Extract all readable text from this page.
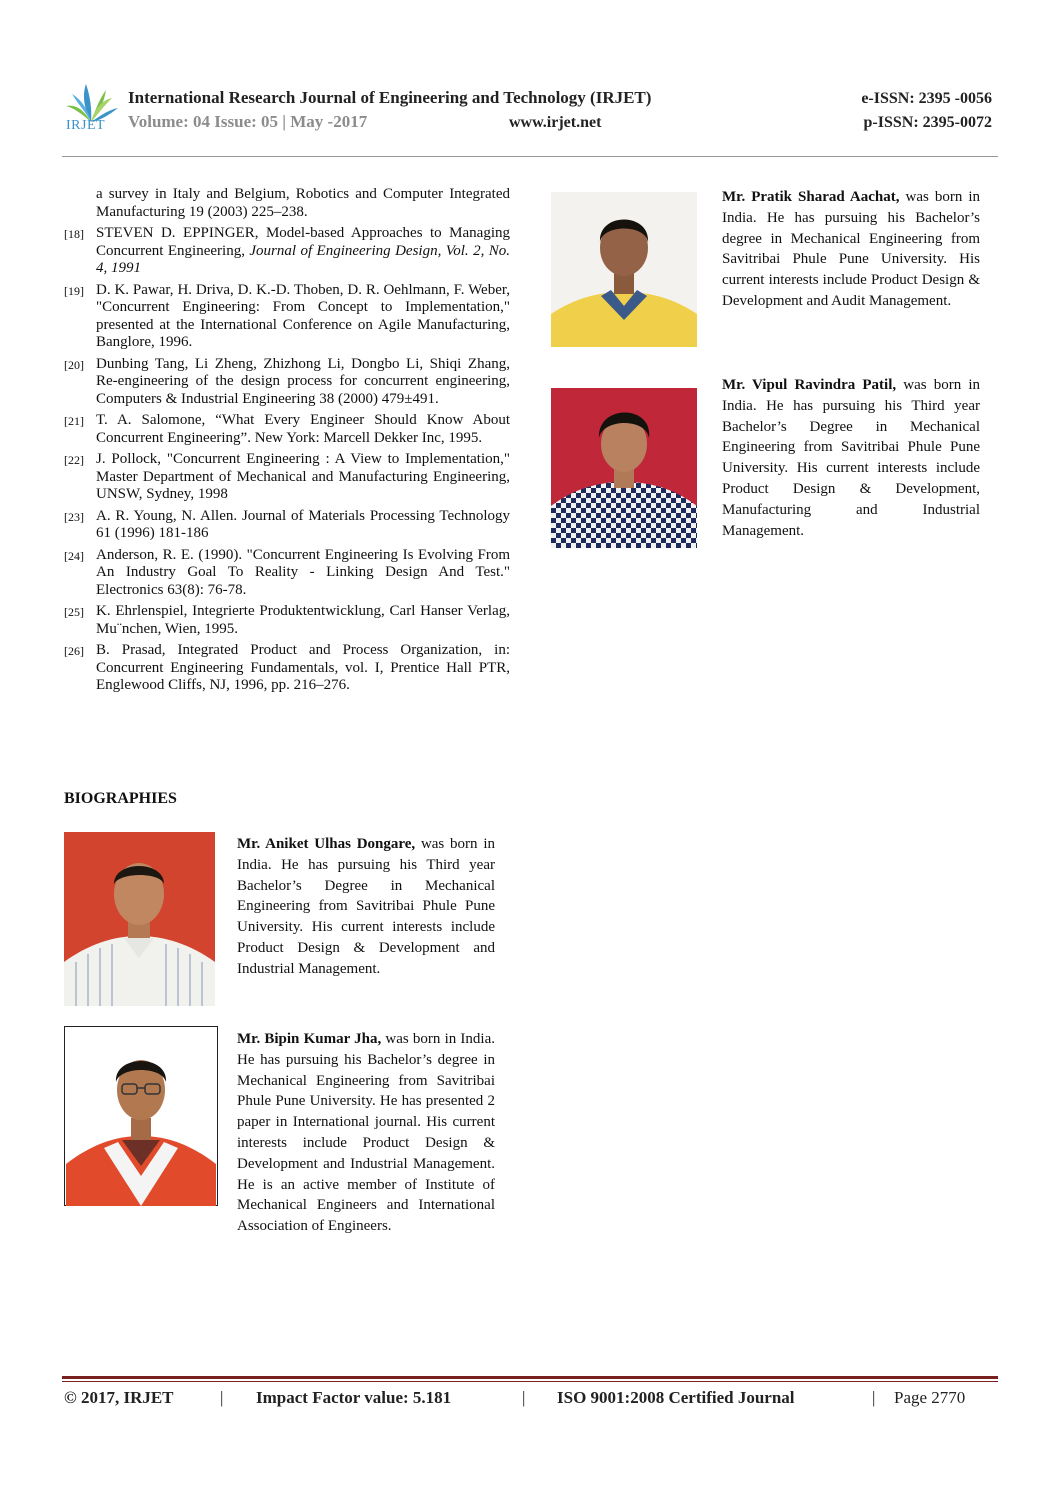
IRJET
International Research Journal of Engineering and Technology (IRJET)
Volume: 04 Issue: 05 | May -2017	www.irjet.net
e-ISSN: 2395 -0056
p-ISSN: 2395-0072
a survey in Italy and Belgium, Robotics and Computer Integrated Manufacturing 19 (2003) 225–238.
[18] STEVEN D. EPPINGER, Model-based Approaches to Managing Concurrent Engineering, Journal of Engineering Design, Vol. 2, No. 4, 1991
[19] D. K. Pawar, H. Driva, D. K.-D. Thoben, D. R. Oehlmann, F. Weber, "Concurrent Engineering: From Concept to Implementation," presented at the International Conference on Agile Manufacturing, Banglore, 1996.
[20] Dunbing Tang, Li Zheng, Zhizhong Li, Dongbo Li, Shiqi Zhang, Re-engineering of the design process for concurrent engineering, Computers & Industrial Engineering 38 (2000) 479±491.
[21] T. A. Salomone, “What Every Engineer Should Know About Concurrent Engineering”. New York: Marcell Dekker Inc, 1995.
[22] J. Pollock, "Concurrent Engineering : A View to Implementation," Master Department of Mechanical and Manufacturing Engineering, UNSW, Sydney, 1998
[23] A. R. Young, N. Allen. Journal of Materials Processing Technology 61 (1996) 181-186
[24] Anderson, R. E. (1990). "Concurrent Engineering Is Evolving From An Industry Goal To Reality - Linking Design And Test." Electronics 63(8): 76-78.
[25] K. Ehrlenspiel, Integrierte Produktentwicklung, Carl Hanser Verlag, Mu¨nchen, Wien, 1995.
[26] B. Prasad, Integrated Product and Process Organization, in: Concurrent Engineering Fundamentals, vol. I, Prentice Hall PTR, Englewood Cliffs, NJ, 1996, pp. 216–276.
BIOGRAPHIES
Mr. Aniket Ulhas Dongare, was born in India. He has pursuing his Third year Bachelor’s Degree in Mechanical Engineering from Savitribai Phule Pune University. His current interests include Product Design & Development and Industrial Management.
Mr. Bipin Kumar Jha, was born in India. He has pursuing his Bachelor’s degree in Mechanical Engineering from Savitribai Phule Pune University. He has presented 2 paper in International journal. His current interests include Product Design & Development and Industrial Management. He is an active member of Institute of Mechanical Engineers and International Association of Engineers.
Mr. Pratik Sharad Aachat, was born in India. He has pursuing his Bachelor’s degree in Mechanical Engineering from Savitribai Phule Pune University. His current interests include Product Design & Development and Audit Management.
Mr. Vipul Ravindra Patil, was born in India. He has pursuing his Third year Bachelor’s Degree in Mechanical Engineering from Savitribai Phule Pune University. His current interests include Product Design & Development, Manufacturing and Industrial Management.
© 2017, IRJET	| Impact Factor value: 5.181	| ISO 9001:2008 Certified Journal	| Page 2770
